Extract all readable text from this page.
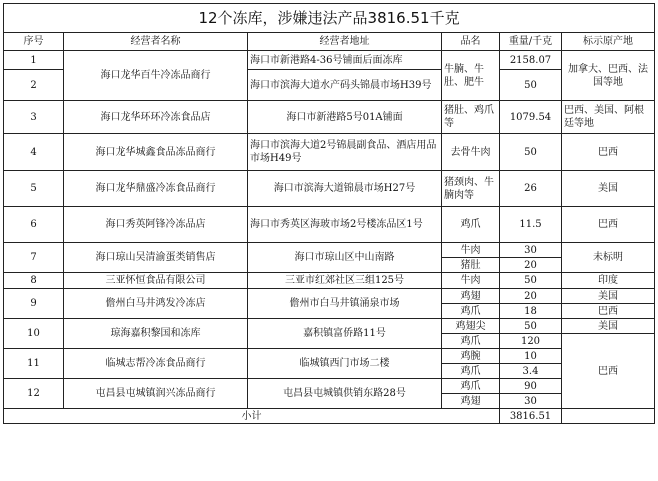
12个冻库，涉嫌违法产品3816.51千克					
序号	经营者名称	经营者地址	品名	重量/千克	标示原产地
1	海口龙华百牛冷冻品商行	海口市新港路4-36号铺面后面冻库	牛腩、牛肚、肥牛	2158.07	加拿大、巴西、法国等地
2		海口市滨海大道水产码头锦晨市场H39号		50	
3	海口龙华环环冷冻食品店	海口市新港路5号01A铺面	猪肚、鸡爪等	1079.54	巴西、美国、阿根廷等地
4	海口龙华城鑫食品冻品商行	海口市滨海大道2号锦晨副食品、酒店用品市场H49号	去骨牛肉	50	巴西
5	海口龙华鼎盛冷冻食品商行	海口市滨海大道锦晨市场H27号	猪颈肉、牛腩肉等	26	美国
6	海口秀英阿锋冷冻品店	海口市秀英区海玻市场2号楼冻品区1号	鸡爪	11.5	巴西
7	海口琼山吴清渝蛋类销售店	海口市琼山区中山南路	牛肉	30	未标明
			猪肚	20	
8	三亚怀恒食品有限公司	三亚市红郊社区三组125号	牛肉	50	印度
9	儋州白马井鸿发冷冻店	儋州市白马井镇涌泉市场	鸡翅	20	美国
			鸡爪	18	巴西
10	琼海嘉积黎国和冻库	嘉积镇富侨路11号	鸡翅尖	50	美国
			鸡爪	120	巴西
11	临城志帮冷冻食品商行	临城镇西门市场二楼	鸡腕	10	
			鸡爪	3.4	
12	屯昌县屯城镇润兴冻品商行	屯昌县屯城镇供销东路28号	鸡爪	90	
			鸡翅	30	
小计				3816.51	
